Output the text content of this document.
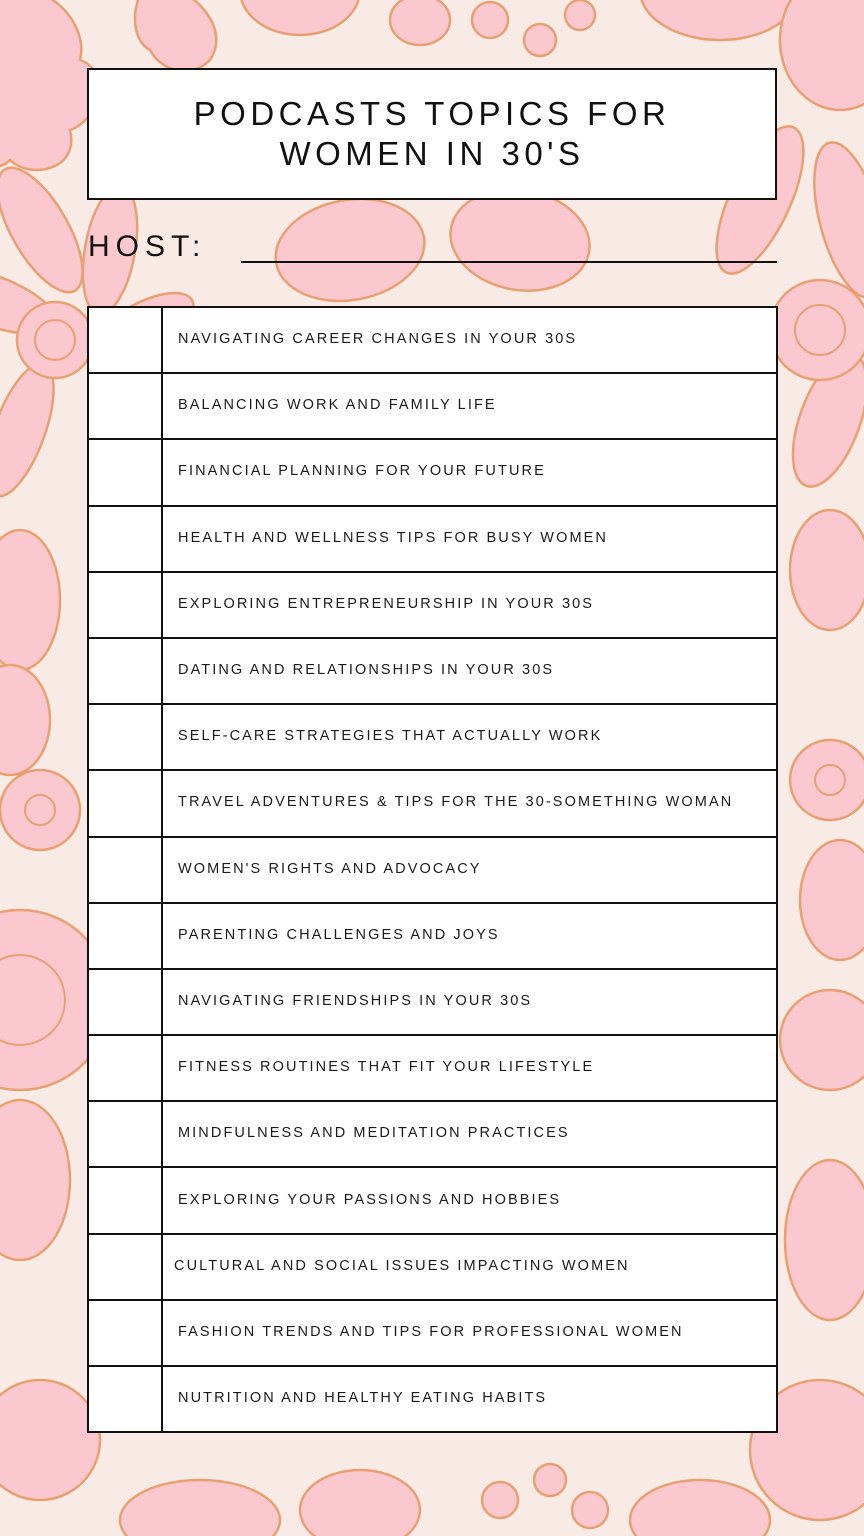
PODCASTS TOPICS FOR
WOMEN IN 30'S
HOST:
NAVIGATING CAREER CHANGES IN YOUR 30S
BALANCING WORK AND FAMILY LIFE
FINANCIAL PLANNING FOR YOUR FUTURE
HEALTH AND WELLNESS TIPS FOR BUSY WOMEN
EXPLORING ENTREPRENEURSHIP IN YOUR 30S
DATING AND RELATIONSHIPS IN YOUR 30S
SELF-CARE STRATEGIES THAT ACTUALLY WORK
TRAVEL ADVENTURES & TIPS FOR THE 30-SOMETHING WOMAN
WOMEN'S RIGHTS AND ADVOCACY
PARENTING CHALLENGES AND JOYS
NAVIGATING FRIENDSHIPS IN YOUR 30S
FITNESS ROUTINES THAT FIT YOUR LIFESTYLE
MINDFULNESS AND MEDITATION PRACTICES
EXPLORING YOUR PASSIONS AND HOBBIES
CULTURAL AND SOCIAL ISSUES IMPACTING WOMEN
FASHION TRENDS AND TIPS FOR PROFESSIONAL WOMEN
NUTRITION AND HEALTHY EATING HABITS
